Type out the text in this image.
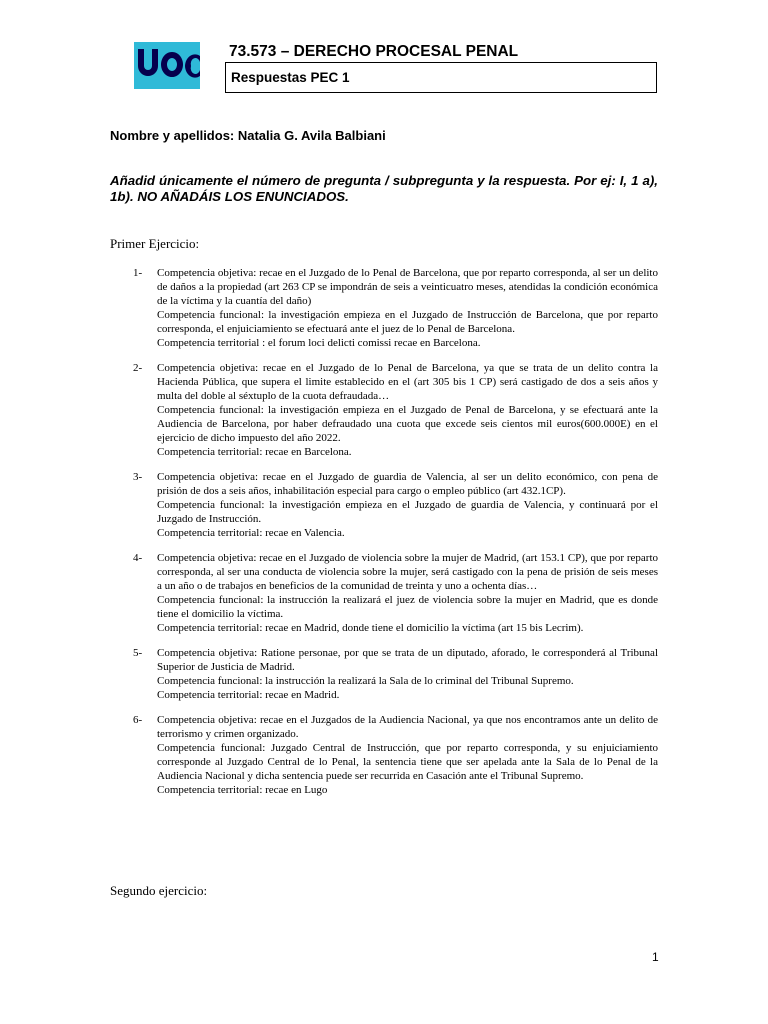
73.573 – DERECHO PROCESAL PENAL
Respuestas PEC 1
Nombre y apellidos: Natalia G. Avila Balbiani
Añadid únicamente el número de pregunta / subpregunta y la respuesta. Por ej: I, 1 a), 1b). NO AÑADÁIS LOS ENUNCIADOS.
Primer Ejercicio:
1- Competencia objetiva: recae en el Juzgado de lo Penal de Barcelona, que por reparto corresponda, al ser un delito de daños a la propiedad (art 263 CP se impondrán de seis a veinticuatro meses, atendidas la condición económica de la víctima y la cuantía del daño)

Competencia funcional: la investigación empieza en el Juzgado de Instrucción de Barcelona, que por reparto corresponda, el enjuiciamiento se efectuará ante el juez de lo Penal de Barcelona.

Competencia territorial : el forum loci delicti comissi recae en Barcelona.

2- Competencia objetiva: recae en el Juzgado de lo Penal de Barcelona, ya que se trata de un delito contra la Hacienda Pública, que supera el limite establecido en el (art 305 bis 1 CP) será castigado de dos a seis años y multa del doble al séxtuplo de la cuota defraudada…

Competencia funcional: la investigación empieza en el Juzgado de Penal de Barcelona, y se efectuará ante la Audiencia de Barcelona, por haber defraudado una cuota que excede seis cientos mil euros(600.000E) en el ejercicio de dicho impuesto del año 2022.

Competencia territorial: recae en Barcelona.

3- Competencia objetiva: recae en el Juzgado de guardia de Valencia, al ser un delito económico, con pena de prisión de dos a seis años, inhabilitación especial para cargo o empleo público (art 432.1CP).

Competencia funcional: la investigación empieza en el Juzgado de guardia de Valencia, y continuará por el Juzgado de Instrucción.

Competencia territorial: recae en Valencia.

4- Competencia objetiva: recae en el Juzgado de violencia sobre la mujer de Madrid, (art 153.1 CP), que por reparto corresponda, al ser una conducta de violencia sobre la mujer, será castigado con la pena de prisión de seis meses a un año o de trabajos en beneficios de la comunidad de treinta y uno a ochenta días…

Competencia funcional: la instrucción la realizará el juez de violencia sobre la mujer en Madrid, que es donde tiene el domicilio la víctima.

Competencia territorial: recae en Madrid, donde tiene el domicilio la víctima (art 15 bis Lecrim).

5- Competencia objetiva: Ratione personae, por que se trata de un diputado, aforado, le corresponderá al Tribunal Superior de Justicia de Madrid.

Competencia funcional: la instrucción la realizará la Sala de lo criminal del Tribunal Supremo.

Competencia territorial: recae en Madrid.

6- Competencia objetiva: recae en el Juzgados de la Audiencia Nacional, ya que nos encontramos ante un delito de terrorismo y crimen organizado.

Competencia funcional: Juzgado Central de Instrucción, que por reparto corresponda, y su enjuiciamiento corresponde al Juzgado Central de lo Penal, la sentencia tiene que ser apelada ante la Sala de lo Penal de la Audiencia Nacional y dicha sentencia puede ser recurrida en Casación ante el Tribunal Supremo.

Competencia territorial: recae en Lugo

Segundo ejercicio:
1
